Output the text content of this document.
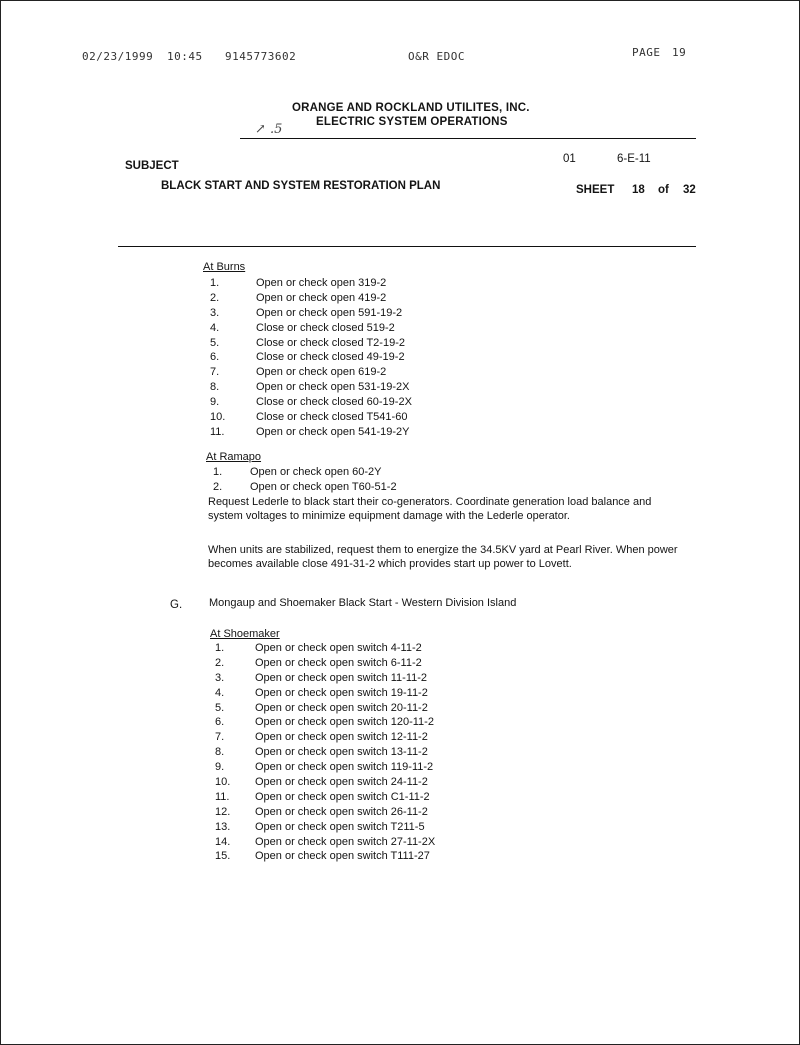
02/23/1999 10:45 9145773602	O&R EDOC	PAGE 19
ORANGE AND ROCKLAND UTILITES, INC.
ELECTRIC SYSTEM OPERATIONS
↗ .5
SUBJECT
01	6-E-11
BLACK START AND SYSTEM RESTORATION PLAN	SHEET 18 of 32
At Burns
1.	Open or check open 319-2
2.	Open or check open 419-2
3.	Open or check open 591-19-2
4.	Close or check closed 519-2
5.	Close or check closed T2-19-2
6.	Close or check closed 49-19-2
7.	Open or check open 619-2
8.	Open or check open 531-19-2X
9.	Close or check closed 60-19-2X
10.	Close or check closed T541-60
11.	Open or check open 541-19-2Y
At Ramapo
1.	Open or check open 60-2Y
2.	Open or check open T60-51-2

Request Lederle to black start their co-generators. Coordinate generation load balance and system voltages to minimize equipment damage with the Lederle operator.

When units are stabilized, request them to energize the 34.5KV yard at Pearl River. When power becomes available close 491-31-2 which provides start up power to Lovett.

G. Mongaup and Shoemaker Black Start - Western Division Island
At Shoemaker
1.	Open or check open switch 4-11-2
2.	Open or check open switch 6-11-2
3.	Open or check open switch 11-11-2
4.	Open or check open switch 19-11-2
5.	Open or check open switch 20-11-2
6.	Open or check open switch 120-11-2
7.	Open or check open switch 12-11-2
8.	Open or check open switch 13-11-2
9.	Open or check open switch 119-11-2
10.	Open or check open switch 24-11-2
11.	Open or check open switch C1-11-2
12.	Open or check open switch 26-11-2
13.	Open or check open switch T211-5
14.	Open or check open switch 27-11-2X
15.	Open or check open switch T111-27
